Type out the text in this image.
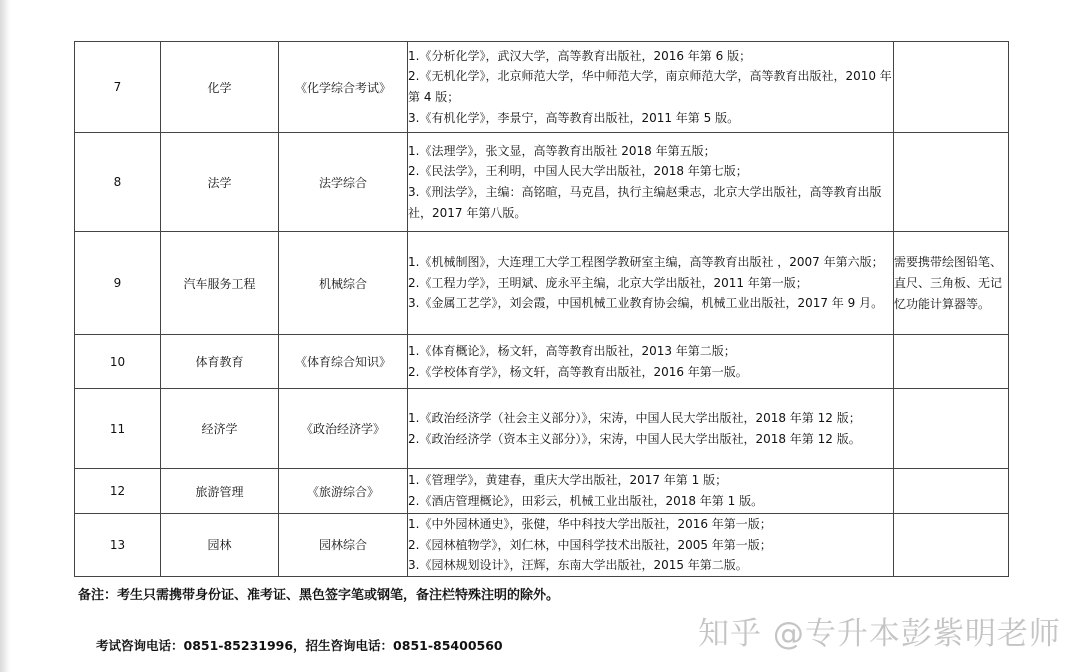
7	化学	《化学综合考试》	1.《分析化学》，武汉大学，高等教育出版社，2016 年第 6 版；
2.《无机化学》，北京师范大学，华中师范大学，南京师范大学，高等教育出版社，2010 年第 4 版；
3.《有机化学》，李景宁，高等教育出版社，2011 年第 5 版。	

8	法学	法学综合	1.《法理学》，张文显，高等教育出版社 2018 年第五版；
2.《民法学》，王利明，中国人民大学出版社，2018 年第七版；
3.《刑法学》，主编：高铭暄，马克昌，执行主编赵秉志，北京大学出版社，高等教育出版社，2017 年第八版。	

9	汽车服务工程	机械综合	1.《机械制图》，大连理工大学工程图学教研室主编，高等教育出版社 ，2007 年第六版；
2.《工程力学》，王明斌、庞永平主编，北京大学出版社，2011 年第一版；
3.《金属工艺学》，刘会霞，中国机械工业教育协会编，机械工业出版社，2017 年 9 月。	需要携带绘图铅笔、直尺、三角板、无记忆功能计算器等。
10	体育教育	《体育综合知识》	1.《体育概论》，杨文轩，高等教育出版社，2013 年第二版；
2.《学校体育学》，杨文轩，高等教育出版社，2016 年第一版。	

11	经济学	《政治经济学》	1.《政治经济学（社会主义部分）》，宋涛，中国人民大学出版社，2018 年第 12 版；
2.《政治经济学（资本主义部分）》，宋涛，中国人民大学出版社，2018 年第 12 版。	

12	旅游管理	《旅游综合》	1.《管理学》，黄建春，重庆大学出版社，2017 年第 1 版；
2.《酒店管理概论》，田彩云，机械工业出版社，2018 年第 1 版。	

13	园林	园林综合	1.《中外园林通史》，张健，华中科技大学出版社，2016 年第一版；
2.《园林植物学》，刘仁林，中国科学技术出版社，2005 年第一版；
3.《园林规划设计》，汪辉，东南大学出版社，2015 年第二版。	

备注：考生只需携带身份证、准考证、黑色签字笔或钢笔，备注栏特殊注明的除外。
考试咨询电话：0851-85231996，招生咨询电话：0851-85400560	知乎 @专升本彭紫明老师
